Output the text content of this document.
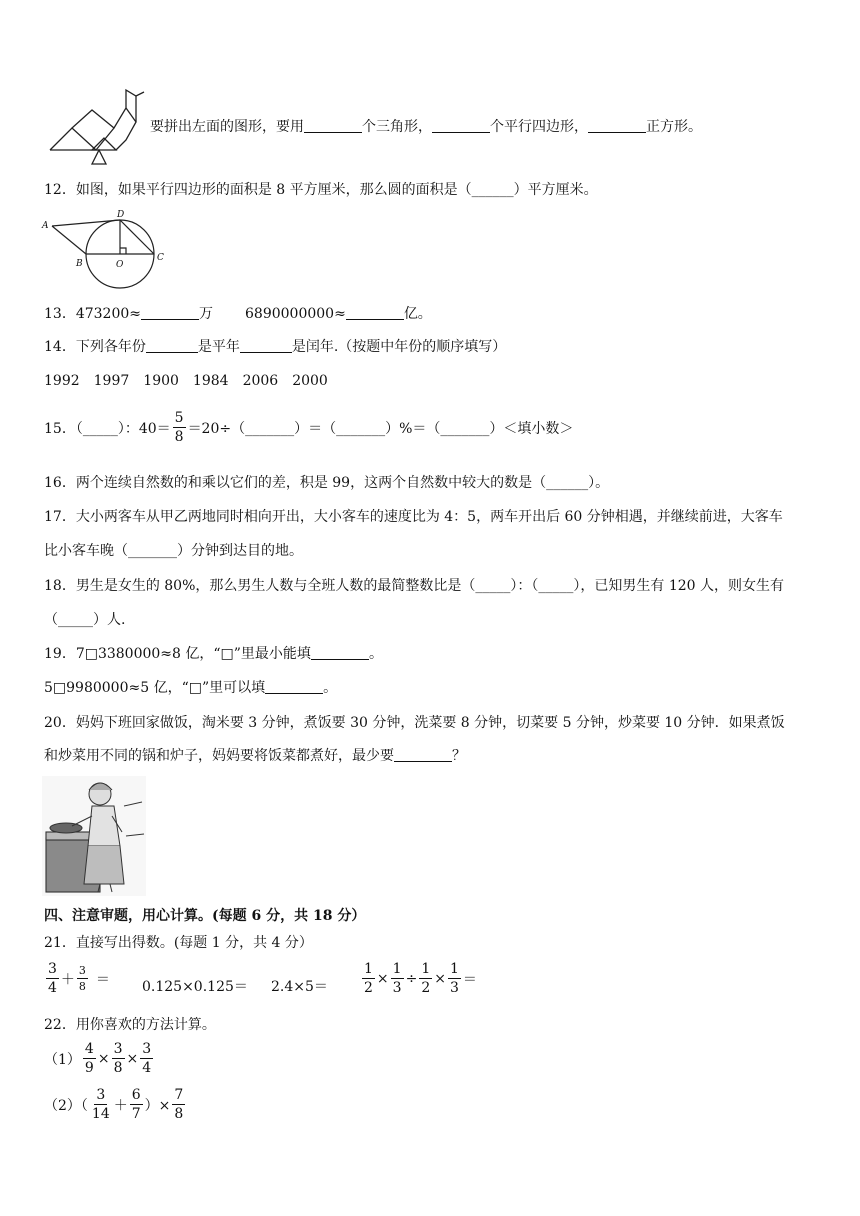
要拼出左面的图形，要用	个三角形，	个平行四边形，	正方形。
12．如图，如果平行四边形的面积是 8 平方厘米，那么圆的面积是（______）平方厘米。
A
B	O
C
D
13．473200≈	万 6890000000≈	亿。
14．下列各年份	是平年	是闰年.（按题中年份的顺序填写）
1992 1997 1900 1984 2006 2000
15．（_____）：$40= \frac{5}{8}$ ＝20÷（_______）＝（_______）%＝（_______）＜填小数＞
16．两个连续自然数的和乘以它们的差，积是 99，这两个自然数中较大的数是（______）。
17．大小两客车从甲乙两地同时相向开出，大小客车的速度比为 4：5，两车开出后 60 分钟相遇，并继续前进，大客车
比小客车晚（_______）分钟到达目的地。
18．男生是女生的 80%，那么男生人数与全班人数的最简整数比是（_____）：（_____），已知男生有 120 人，则女生有
（_____）人.
19．7□3380000≈8 亿，“□”里最小能填	。
5□9980000≈5 亿，“□”里可以填	。
20．妈妈下班回家做饭，淘米要 3 分钟，煮饭要 30 分钟，洗菜要 8 分钟，切菜要 5 分钟，炒菜要 10 分钟．如果煮饭
和炒菜用不同的锅和炉子，妈妈要将饭菜都煮好，最少要	？
四、注意审题，用心计算。(每题 6 分，共 18 分）
21．直接写出得数。(每题 1 分，共 4 分）
$\frac{3}{4} + \frac{3}{8} = 0.125\times 0.125= 2.4\times 5= \frac{1}{2} \times \frac{1}{3} \div \frac{1}{2} \times \frac{1}{3}$ ＝
22．用你喜欢的方法计算。
$(1) \frac{4}{9} \times \frac{3}{8} \times \frac{3}{4}$
$(2)( \frac{3}{14} + \frac{6}{7}$ ）× $\frac{7}{8}$
